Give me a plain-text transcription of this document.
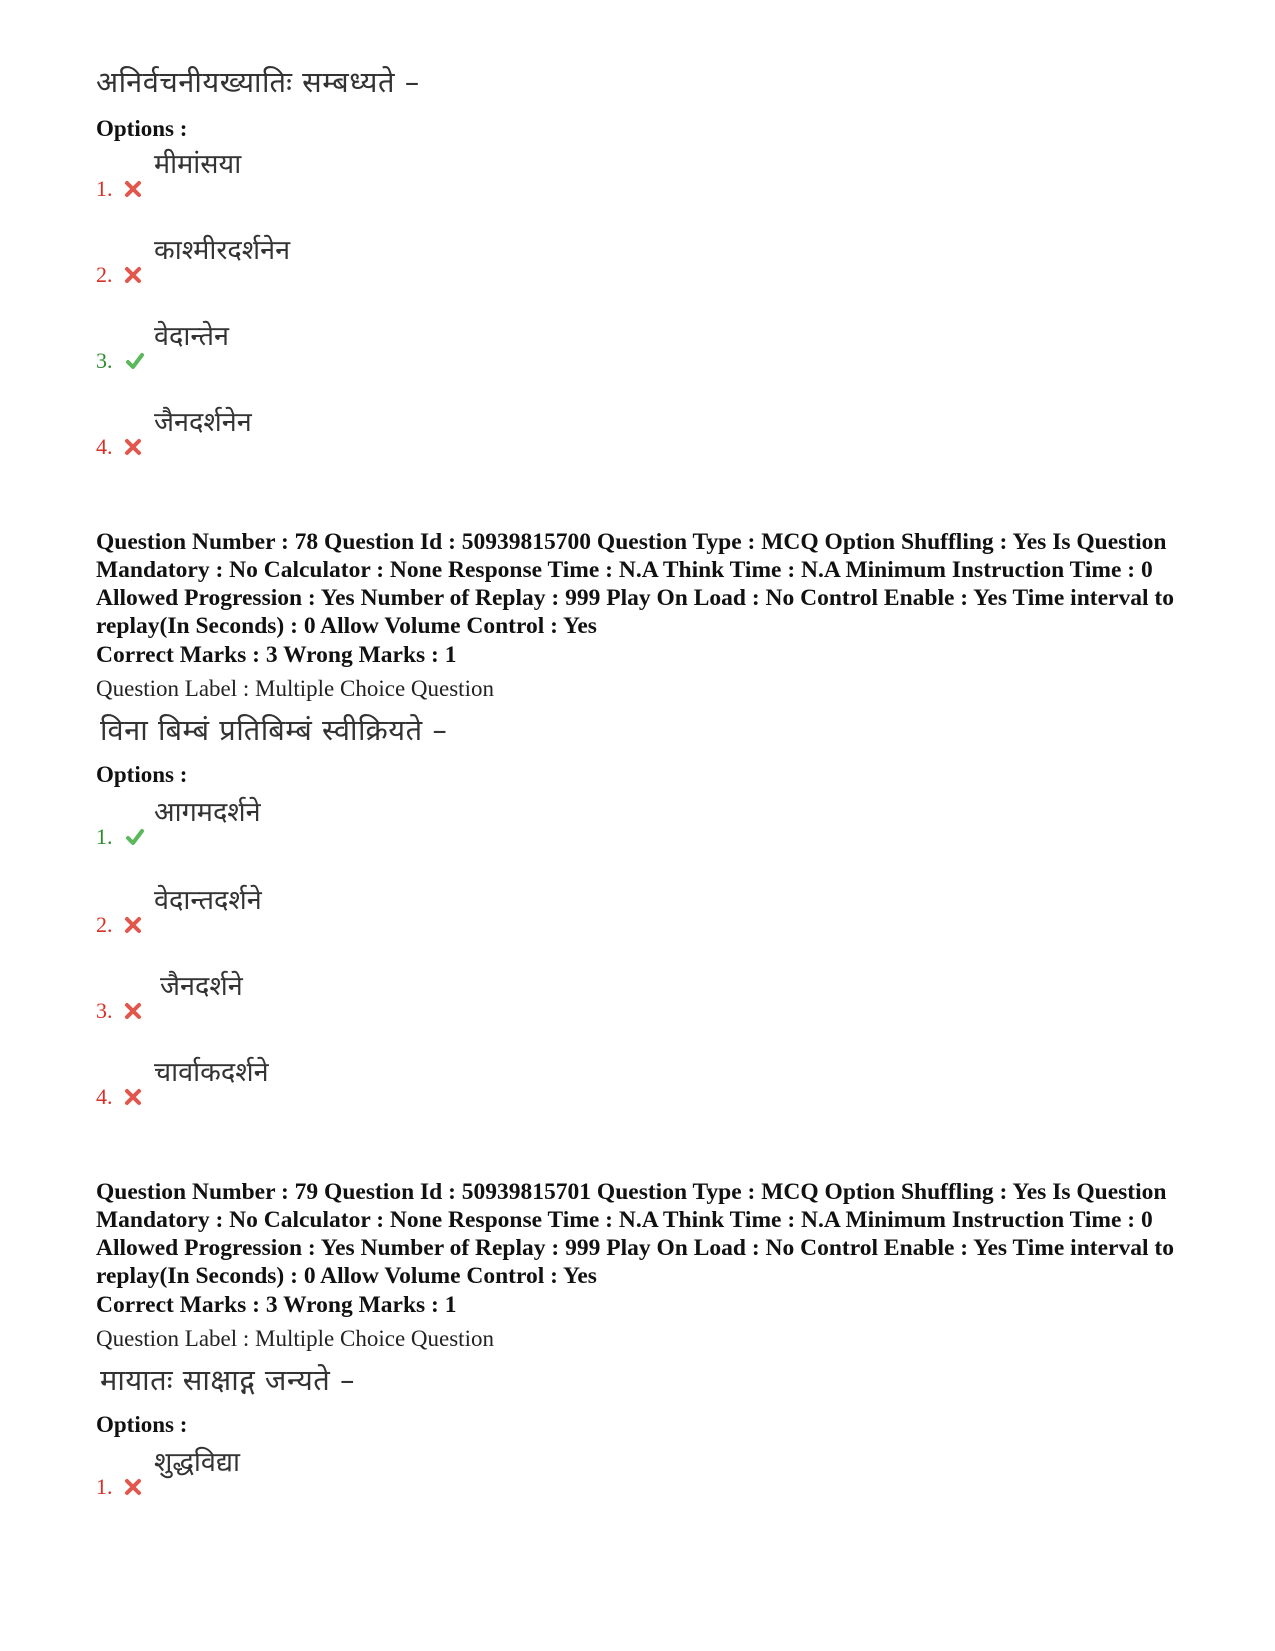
अनिर्वचनीयख्यातिः सम्बध्यते –
Options :
1.
मीमांसया
2.
काश्मीरदर्शनेन
3.
वेदान्तेन
4.
जैनदर्शनेन
Question Number : 78 Question Id : 50939815700 Question Type : MCQ Option Shuffling : Yes Is Question Mandatory : No Calculator : None Response Time : N.A Think Time : N.A Minimum Instruction Time : 0 Allowed Progression : Yes Number of Replay : 999 Play On Load : No Control Enable : Yes Time interval to replay(In Seconds) : 0 Allow Volume Control : Yes
Correct Marks : 3 Wrong Marks : 1
Question Label : Multiple Choice Question
विना बिम्बं प्रतिबिम्बं स्वीक्रियते –
Options :
1.
आगमदर्शने
2.
वेदान्तदर्शने
3.
जैनदर्शने
4.
चार्वाकदर्शने
Question Number : 79 Question Id : 50939815701 Question Type : MCQ Option Shuffling : Yes Is Question Mandatory : No Calculator : None Response Time : N.A Think Time : N.A Minimum Instruction Time : 0 Allowed Progression : Yes Number of Replay : 999 Play On Load : No Control Enable : Yes Time interval to replay(In Seconds) : 0 Allow Volume Control : Yes
Correct Marks : 3 Wrong Marks : 1
Question Label : Multiple Choice Question
मायातः साक्षाद्ग जन्यते –
Options :
1.
शुद्धविद्या
